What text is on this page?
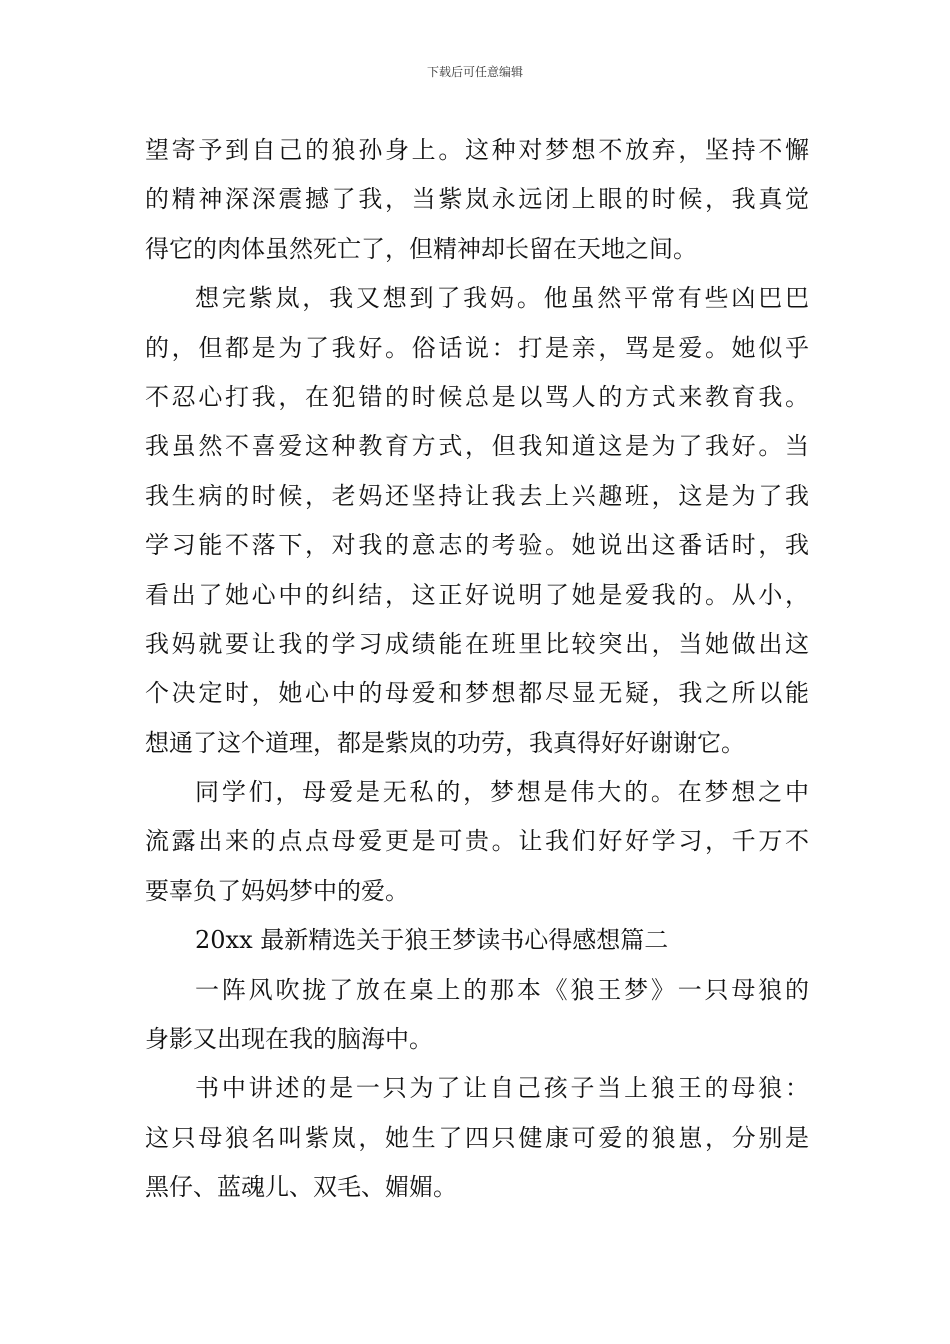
下载后可任意编辑
望寄予到自己的狼孙身上。这种对梦想不放弃，坚持不懈
的精神深深震撼了我，当紫岚永远闭上眼的时候，我真觉
得它的肉体虽然死亡了，但精神却长留在天地之间。
想完紫岚，我又想到了我妈。他虽然平常有些凶巴巴
的，但都是为了我好。俗话说：打是亲，骂是爱。她似乎
不忍心打我，在犯错的时候总是以骂人的方式来教育我。
我虽然不喜爱这种教育方式，但我知道这是为了我好。当
我生病的时候，老妈还坚持让我去上兴趣班，这是为了我
学习能不落下，对我的意志的考验。她说出这番话时，我
看出了她心中的纠结，这正好说明了她是爱我的。从小，
我妈就要让我的学习成绩能在班里比较突出，当她做出这
个决定时，她心中的母爱和梦想都尽显无疑，我之所以能
想通了这个道理，都是紫岚的功劳，我真得好好谢谢它。
同学们，母爱是无私的，梦想是伟大的。在梦想之中
流露出来的点点母爱更是可贵。让我们好好学习，千万不
要辜负了妈妈梦中的爱。
20xx 最新精选关于狼王梦读书心得感想篇二
一阵风吹拢了放在桌上的那本《狼王梦》一只母狼的
身影又出现在我的脑海中。
书中讲述的是一只为了让自己孩子当上狼王的母狼：
这只母狼名叫紫岚，她生了四只健康可爱的狼崽，分别是
黑仔、蓝魂儿、双毛、媚媚。
